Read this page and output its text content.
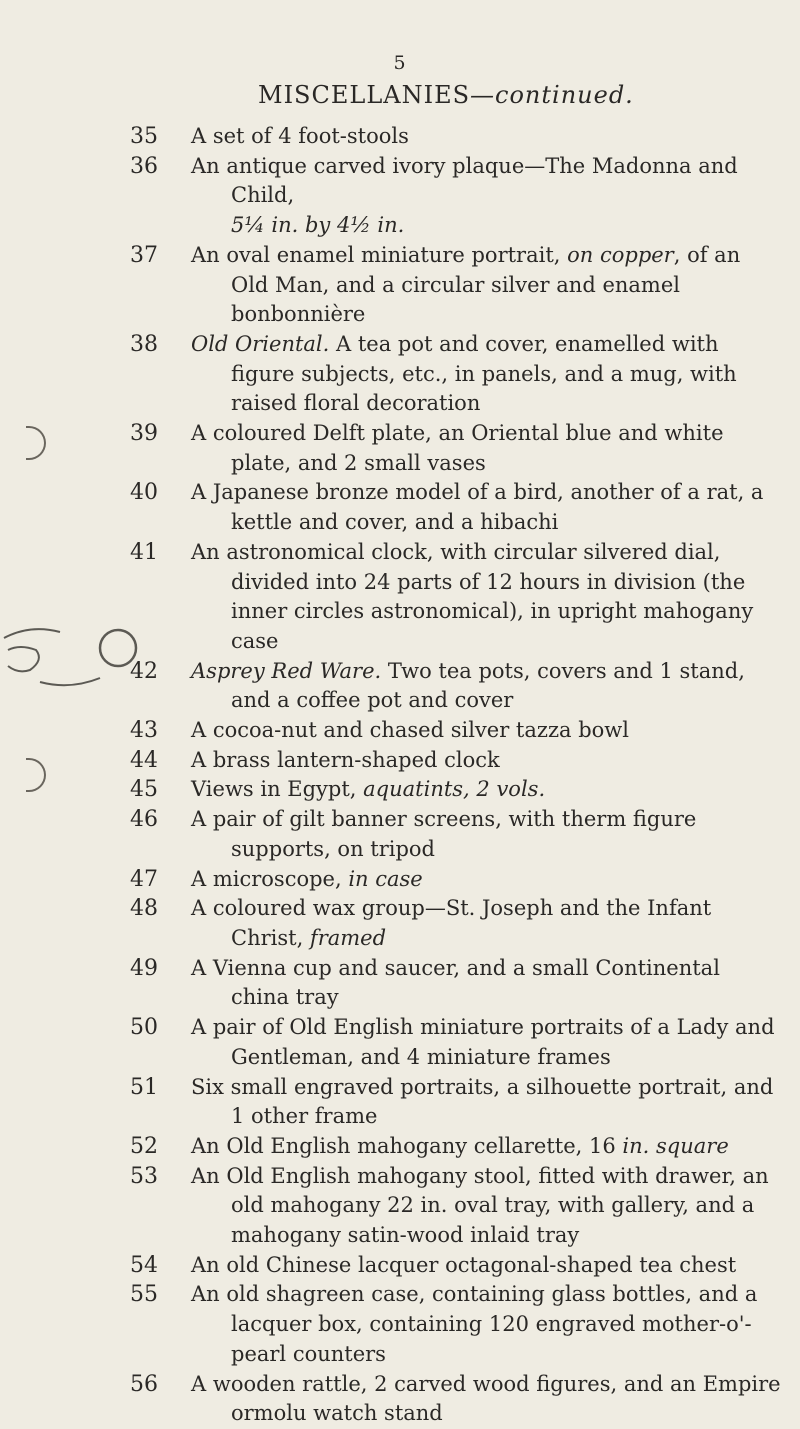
5
MISCELLANIES—continued.
35	A set of 4 foot-stools
36	An antique carved ivory plaque—The Madonna and Child,
5¼ in. by 4½ in.
37	An oval enamel miniature portrait, on copper, of an Old Man, and a circular silver and enamel bonbonnière
38	Old Oriental. A tea pot and cover, enamelled with figure subjects, etc., in panels, and a mug, with raised floral decoration
39	A coloured Delft plate, an Oriental blue and white plate, and 2 small vases
40	A Japanese bronze model of a bird, another of a rat, a kettle and cover, and a hibachi
41	An astronomical clock, with circular silvered dial, divided into 24 parts of 12 hours in division (the inner circles astronomical), in upright mahogany case
42	Asprey Red Ware. Two tea pots, covers and 1 stand, and a coffee pot and cover
43	A cocoa-nut and chased silver tazza bowl
44	A brass lantern-shaped clock
45	Views in Egypt, aquatints, 2 vols.
46	A pair of gilt banner screens, with therm figure supports, on tripod
47	A microscope, in case
48	A coloured wax group—St. Joseph and the Infant Christ, framed
49	A Vienna cup and saucer, and a small Continental china tray
50	A pair of Old English miniature portraits of a Lady and Gentleman, and 4 miniature frames
51	Six small engraved portraits, a silhouette portrait, and 1 other frame
52	An Old English mahogany cellarette, 16 in. square
53	An Old English mahogany stool, fitted with drawer, an old mahogany 22 in. oval tray, with gallery, and a mahogany satin-wood inlaid tray
54	An old Chinese lacquer octagonal-shaped tea chest
55	An old shagreen case, containing glass bottles, and a lacquer box, containing 120 engraved mother-o'-pearl counters
56	A wooden rattle, 2 carved wood figures, and an Empire ormolu watch stand
